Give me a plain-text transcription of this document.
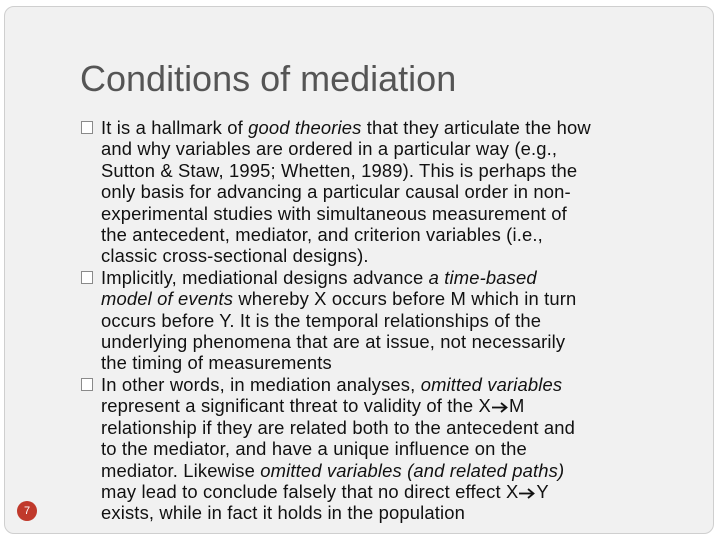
Conditions of mediation
It is a hallmark of good theories that they articulate the how
and why variables are ordered in a particular way (e.g.,
Sutton & Staw, 1995; Whetten, 1989). This is perhaps the
only basis for advancing a particular causal order in non-
experimental studies with simultaneous measurement of
the antecedent, mediator, and criterion variables (i.e.,
classic cross-sectional designs).
Implicitly, mediational designs advance a time-based
model of events whereby X occurs before M which in turn
occurs before Y. It is the temporal relationships of the
underlying phenomena that are at issue, not necessarily
the timing of measurements
In other words, in mediation analyses, omitted variables
represent a significant threat to validity of the X M
relationship if they are related both to the antecedent and
to the mediator, and have a unique influence on the
mediator. Likewise omitted variables (and related paths)
may lead to conclude falsely that no direct effect X Y
exists, while in fact it holds in the population
7
